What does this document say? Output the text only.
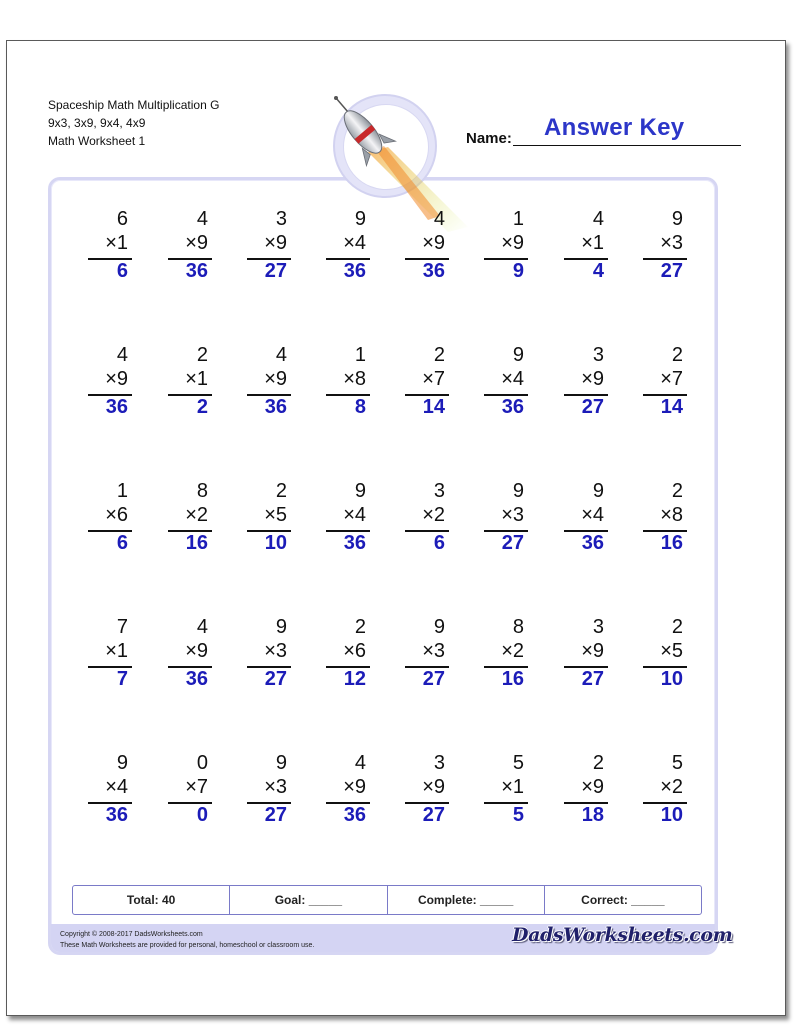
Spaceship Math Multiplication G
9x3, 3x9, 9x4, 4x9
Math Worksheet 1	Name: Answer Key
6
×1
6
4
×9
36
3
×9
27
9
×4
36
4
×9
36
1
×9
9
4
×1
4
9
×3
27
4
×9
36
2
×1
2
4
×9
36
1
×8
8
2
×7
14
9
×4
36
3
×9
27
2
×7
14
1
×6
6
8
×2
16
2
×5
10
9
×4
36
3
×2
6
9
×3
27
9
×4
36
2
×8
16
7
×1
7
4
×9
36
9
×3
27
2
×6
12
9
×3
27
8
×2
16
3
×9
27
2
×5
10
9
×4
36
0
×7
0
9
×3
27
4
×9
36
3
×9
27
5
×1
5
2
×9
18
5
×2
10
Total: 40	Goal: _____	Complete: _____	Correct: _____
Copyright © 2008-2017 DadsWorksheets.com
These Math Worksheets are provided for personal, homeschool or classroom use.	DadsWorksheets.com
